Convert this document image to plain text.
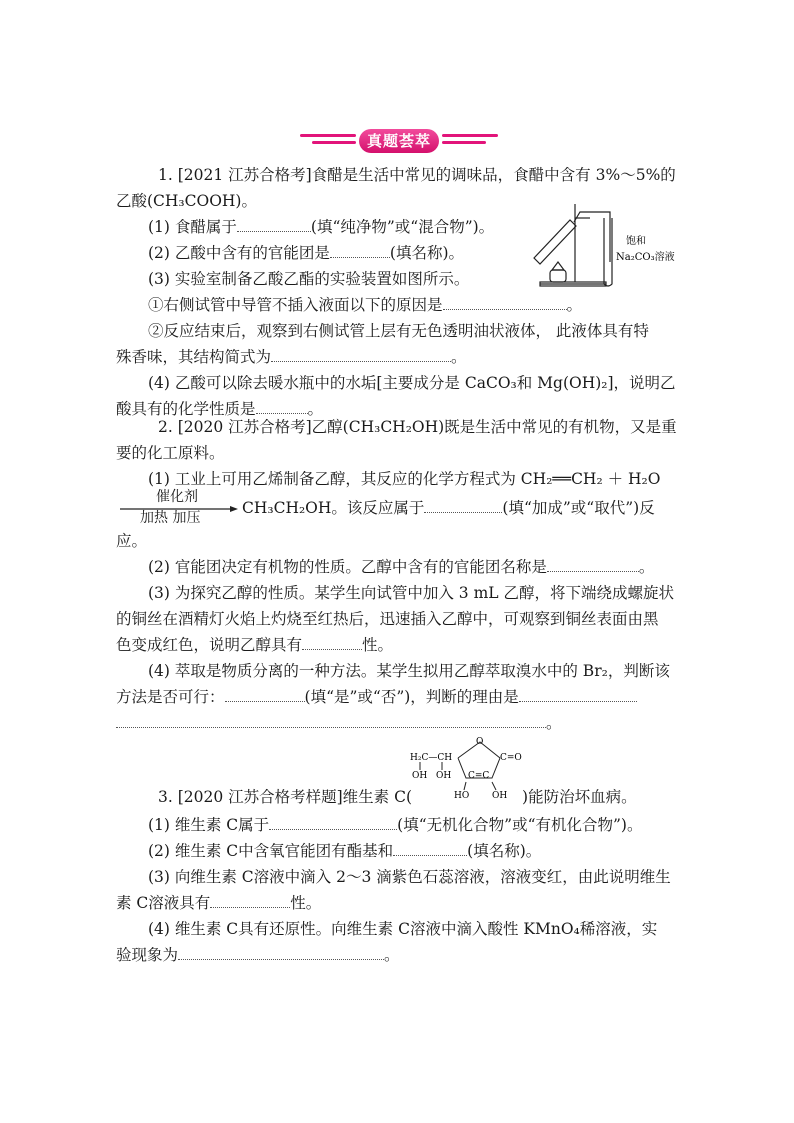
真题荟萃
1. [2021 江苏合格考]食醋是生活中常见的调味品，食醋中含有 3%～5%的
乙酸(CH₃COOH)。
(1) 食醋属于	(填“纯净物”或“混合物”)。
(2) 乙酸中含有的官能团是	(填名称)。
(3) 实验室制备乙酸乙酯的实验装置如图所示。
①右侧试管中导管不插入液面以下的原因是	。
②反应结束后，观察到右侧试管上层有无色透明油状液体， 此液体具有特
殊香味，其结构简式为	。
(4) 乙酸可以除去暖水瓶中的水垢[主要成分是 CaCO₃和 Mg(OH)₂]，说明乙
酸具有的化学性质是	。
饱和
Na₂CO₃溶液
2. [2020 江苏合格考]乙醇(CH₃CH₂OH)既是生活中常见的有机物，又是重
要的化工原料。
(1) 工业上可用乙烯制备乙醇，其反应的化学方程式为 CH₂══CH₂ ＋ H₂O
催化剂
加热 加压
CH₃CH₂OH。该反应属于	(填“加成”或“取代”)反
应。
(2) 官能团决定有机物的性质。乙醇中含有的官能团名称是	。
(3) 为探究乙醇的性质。某学生向试管中加入 3 mL 乙醇，将下端绕成螺旋状
的铜丝在酒精灯火焰上灼烧至红热后，迅速插入乙醇中，可观察到铜丝表面由黑
色变成红色，说明乙醇具有	性。
(4) 萃取是物质分离的一种方法。某学生拟用乙醇萃取溴水中的 Br₂，判断该
方法是否可行：	(填“是”或“否”)，判断的理由是
。
H₂C—CH
OH OH
O
C=O
C=C
HO	OH
3. [2020 江苏合格考样题]维生素 C(	)能防治坏血病。
(1) 维生素 C属于	(填“无机化合物”或“有机化合物”)。
(2) 维生素 C中含氧官能团有酯基和	(填名称)。
(3) 向维生素 C溶液中滴入 2～3 滴紫色石蕊溶液，溶液变红，由此说明维生
素 C溶液具有	性。
(4) 维生素 C具有还原性。向维生素 C溶液中滴入酸性 KMnO₄稀溶液，实
验现象为	。
